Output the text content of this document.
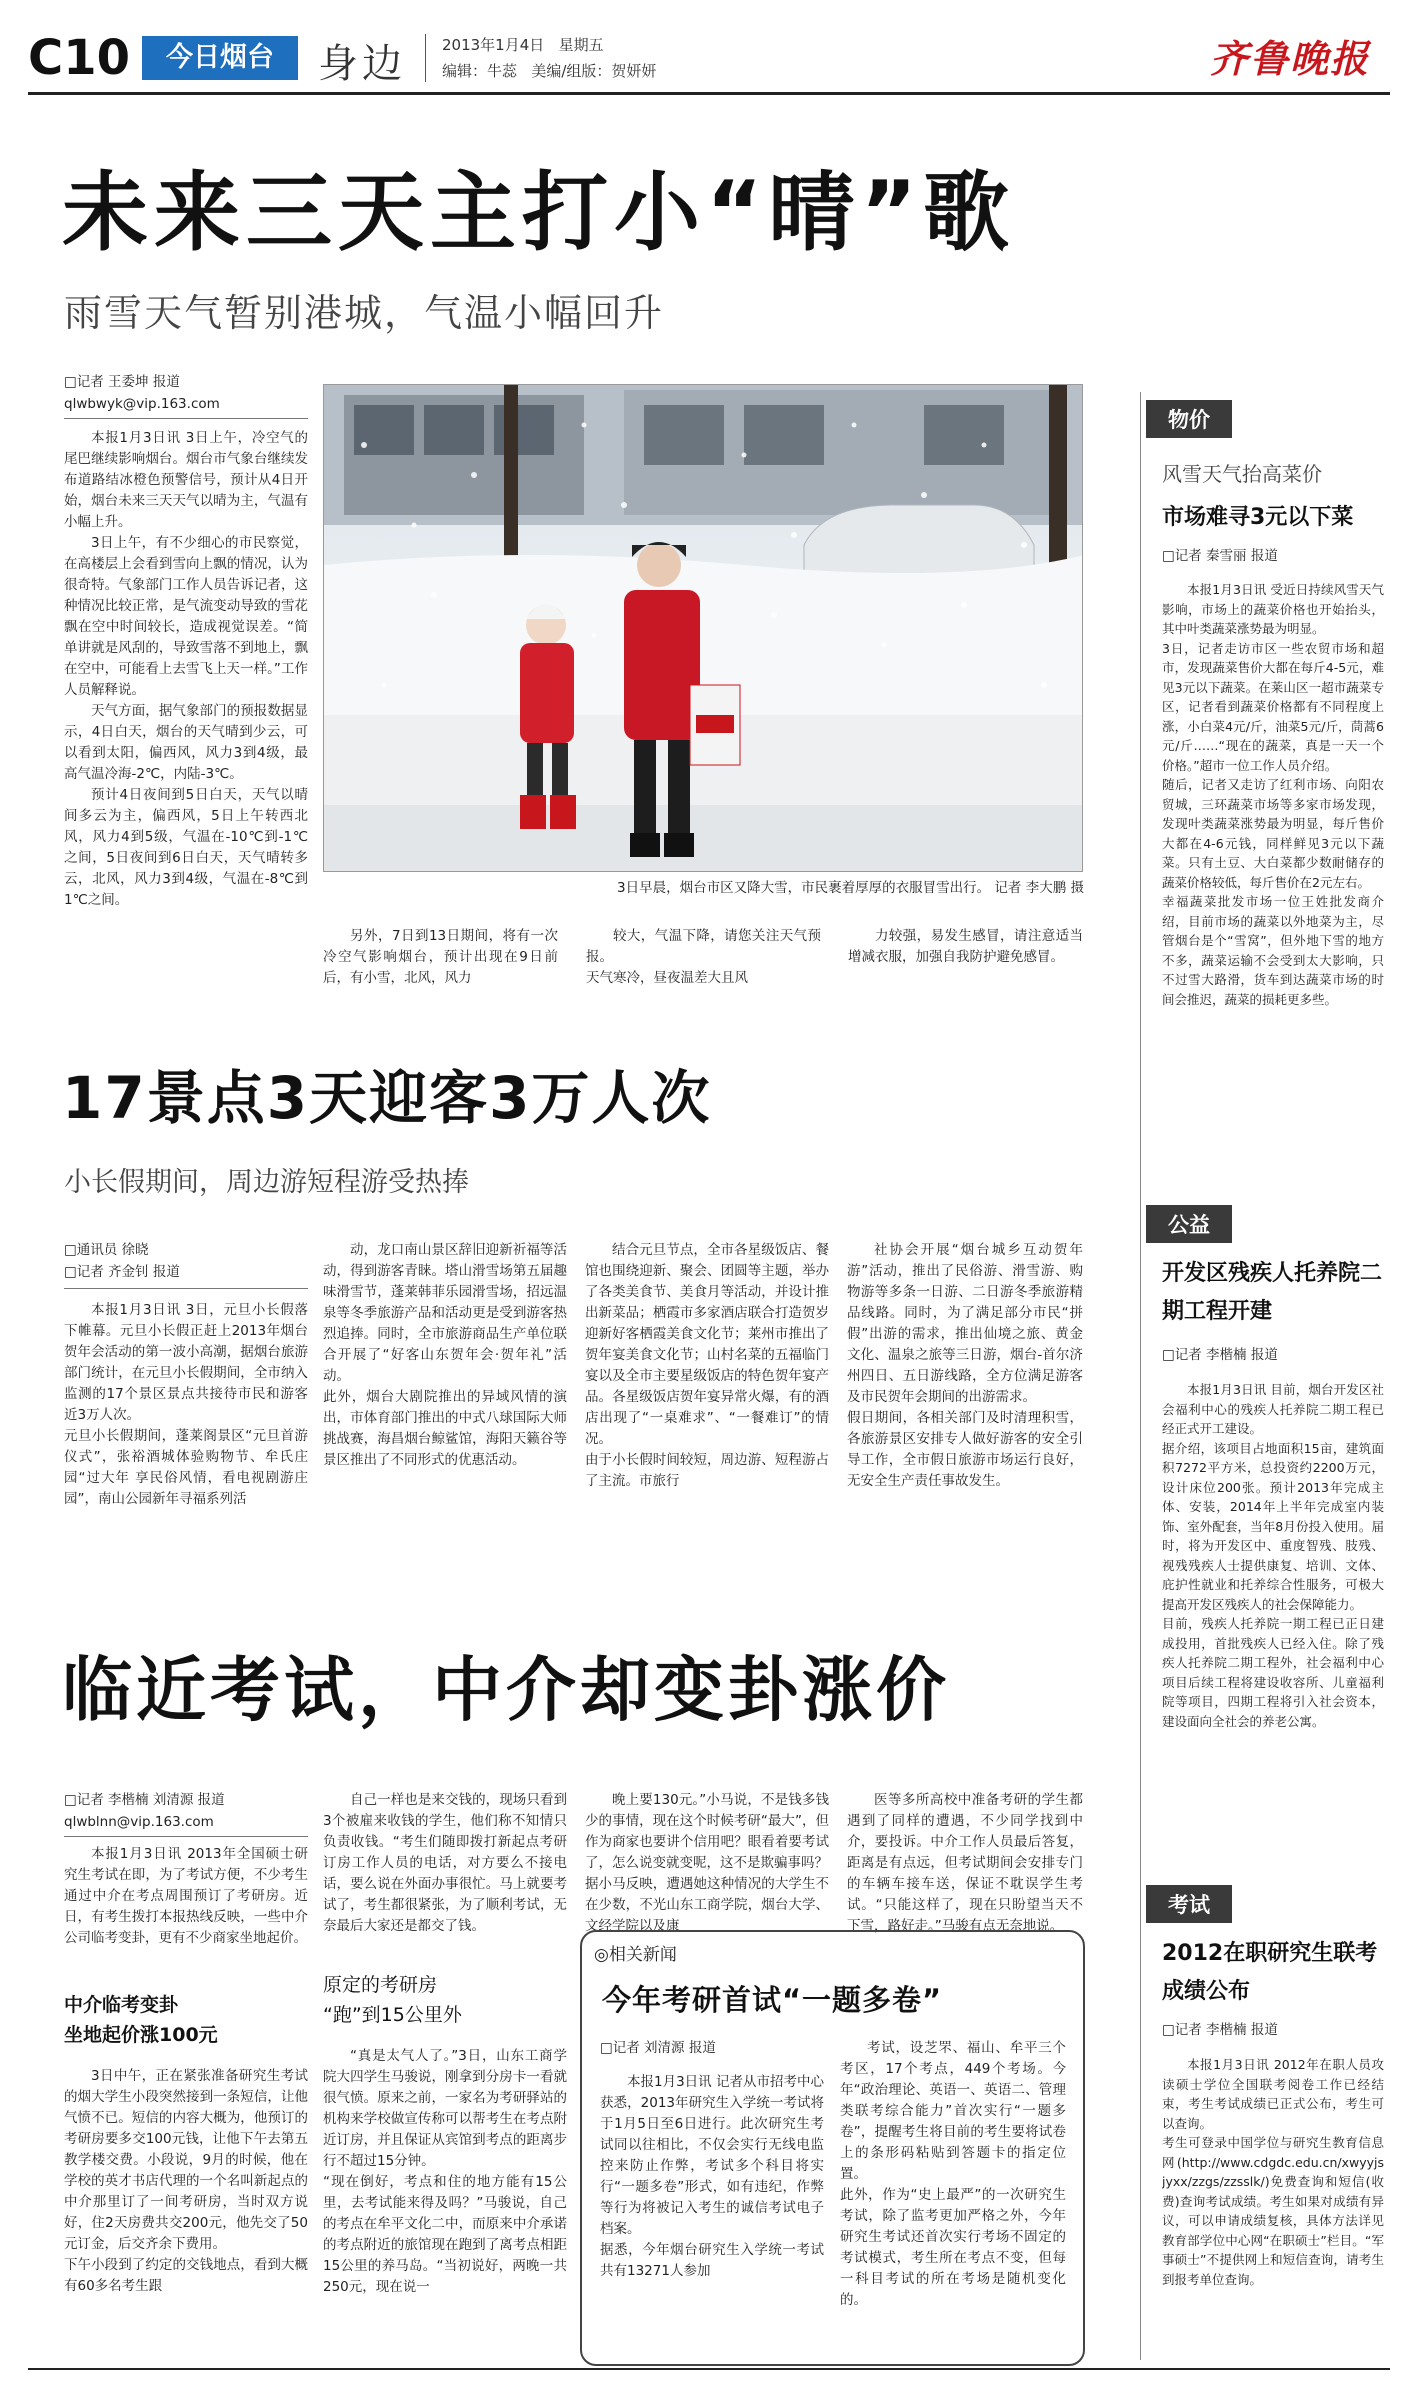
C10	今日烟台	身边 2013年1月4日 星期五
编辑：牛蕊 美编/组版：贺妍妍	齐鲁晚报
未来三天主打小“晴”歌
雨雪天气暂别港城，气温小幅回升
□记者 王委坤 报道
qlwbwyk@vip.163.com

本报1月3日讯 3日上午，冷空气的尾巴继续影响烟台。烟台市气象台继续发布道路结冰橙色预警信号，预计从4日开始，烟台未来三天天气以晴为主，气温有小幅上升。

3日上午，有不少细心的市民察觉，在高楼层上会看到雪向上飘的情况，认为很奇特。气象部门工作人员告诉记者，这种情况比较正常，是气流变动导致的雪花飘在空中时间较长，造成视觉误差。“简单讲就是风刮的，导致雪落不到地上，飘在空中，可能看上去雪飞上天一样。”工作人员解释说。

天气方面，据气象部门的预报数据显示，4日白天，烟台的天气晴到少云，可以看到太阳，偏西风，风力3到4级，最高气温冷海-2℃，内陆-3℃。

预计4日夜间到5日白天，天气以晴间多云为主，偏西风，5日上午转西北风，风力4到5级，气温在-10℃到-1℃之间，5日夜间到6日白天，天气晴转多云，北风，风力3到4级，气温在-8℃到1℃之间。

3日早晨，烟台市区又降大雪，市民裹着厚厚的衣服冒雪出行。 记者 李大鹏 摄
另外，7日到13日期间，将有一次冷空气影响烟台，预计出现在9日前后，有小雪，北风，风力
较大，气温下降，请您关注天气预报。
天气寒冷，昼夜温差大且风
力较强，易发生感冒，请注意适当增减衣服，加强自我防护避免感冒。
17景点3天迎客3万人次
小长假期间，周边游短程游受热捧
□通讯员 徐晓
□记者 齐金钊 报道
本报1月3日讯 3日，元旦小长假落下帷幕。元旦小长假正赶上2013年烟台贺年会活动的第一波小高潮，据烟台旅游部门统计，在元旦小长假期间，全市纳入监测的17个景区景点共接待市民和游客近3万人次。
元旦小长假期间，蓬莱阁景区“元旦首游仪式”，张裕酒城体验购物节、牟氏庄园“过大年 享民俗风情，看电视剧游庄园”，南山公园新年寻福系列活
动，龙口南山景区辞旧迎新祈福等活动，得到游客青睐。塔山滑雪场第五届趣味滑雪节，蓬莱韩菲乐园滑雪场，招远温泉等冬季旅游产品和活动更是受到游客热烈追捧。同时，全市旅游商品生产单位联合开展了“好客山东贺年会·贺年礼”活动。
此外，烟台大剧院推出的异域风情的演出，市体育部门推出的中式八球国际大师挑战赛，海昌烟台鲸鲨馆，海阳天籁谷等景区推出了不同形式的优惠活动。
结合元旦节点，全市各星级饭店、餐馆也围绕迎新、聚会、团圆等主题，举办了各类美食节、美食月等活动，并设计推出新菜品；栖霞市多家酒店联合打造贺岁迎新好客栖霞美食文化节；莱州市推出了贺年宴美食文化节；山村名菜的五福临门宴以及全市主要星级饭店的特色贺年宴产品。各星级饭店贺年宴异常火爆，有的酒店出现了“一桌难求”、“一餐难订”的情况。
由于小长假时间较短，周边游、短程游占了主流。市旅行
社协会开展“烟台城乡互动贺年游”活动，推出了民俗游、滑雪游、购物游等多条一日游、二日游冬季旅游精品线路。同时，为了满足部分市民“拼假”出游的需求，推出仙境之旅、黄金文化、温泉之旅等三日游，烟台-首尔济州四日、五日游线路，全方位满足游客及市民贺年会期间的出游需求。
假日期间，各相关部门及时清理积雪，各旅游景区安排专人做好游客的安全引导工作，全市假日旅游市场运行良好，无安全生产责任事故发生。
临近考试，中介却变卦涨价
□记者 李楷楠 刘清源 报道
qlwblnn@vip.163.com
本报1月3日讯 2013年全国硕士研究生考试在即，为了考试方便，不少考生通过中介在考点周围预订了考研房。近日，有考生拨打本报热线反映，一些中介公司临考变卦，更有不少商家坐地起价。
中介临考变卦
坐地起价涨100元
3日中午，正在紧张准备研究生考试的烟大学生小段突然接到一条短信，让他气愤不已。短信的内容大概为，他预订的考研房要多交100元钱，让他下午去第五教学楼交费。小段说，9月的时候，他在学校的英才书店代理的一个名叫新起点的中介那里订了一间考研房，当时双方说好，住2天房费共交200元，他先交了50元订金，后交齐余下费用。
下午小段到了约定的交钱地点，看到大概有60多名考生跟
自己一样也是来交钱的，现场只看到3个被雇来收钱的学生，他们称不知情只负责收钱。“考生们随即拨打新起点考研订房工作人员的电话，对方要么不接电话，要么说在外面办事很忙。马上就要考试了，考生都很紧张，为了顺利考试，无奈最后大家还是都交了钱。
原定的考研房
“跑”到15公里外
“真是太气人了。”3日，山东工商学院大四学生马骏说，刚拿到分房卡一看就很气愤。原来之前，一家名为考研驿站的机构来学校做宣传称可以帮考生在考点附近订房，并且保证从宾馆到考点的距离步行不超过15分钟。
“现在倒好，考点和住的地方能有15公里，去考试能来得及吗？”马骏说，自己的考点在牟平文化二中，而原来中介承诺的考点附近的旅馆现在跑到了离考点相距15公里的养马岛。“当初说好，两晚一共250元，现在说一
晚上要130元。”小马说，不是钱多钱少的事情，现在这个时候考研“最大”，但作为商家也要讲个信用吧？眼看着要考试了，怎么说变就变呢，这不是欺骗事吗？
据小马反映，遭遇她这种情况的大学生不在少数，不光山东工商学院，烟台大学、文经学院以及康
医等多所高校中准备考研的学生都遇到了同样的遭遇，不少同学找到中介，要投诉。中介工作人员最后答复，距离是有点远，但考试期间会安排专门的车辆车接车送，保证不耽误学生考试。“只能这样了，现在只盼望当天不下雪，路好走。”马骏有点无奈地说。
◎相关新闻
今年考研首试“一题多卷”
□记者 刘清源 报道
本报1月3日讯 记者从市招考中心获悉，2013年研究生入学统一考试将于1月5日至6日进行。此次研究生考试同以往相比，不仅会实行无线电监控来防止作弊，考试多个科目将实行“一题多卷”形式，如有违纪，作弊等行为将被记入考生的诚信考试电子档案。
据悉，今年烟台研究生入学统一考试共有13271人参加
考试，设芝罘、福山、牟平三个考区，17个考点，449个考场。今年“政治理论、英语一、英语二、管理类联考综合能力”首次实行“一题多卷”，提醒考生将目前的考生要将试卷上的条形码粘贴到答题卡的指定位置。
此外，作为“史上最严”的一次研究生考试，除了监考更加严格之外，今年研究生考试还首次实行考场不固定的考试模式，考生所在考点不变，但每一科目考试的所在考场是随机变化的。
物价
风雪天气抬高菜价
市场难寻3元以下菜
□记者 秦雪丽 报道
本报1月3日讯 受近日持续风雪天气影响，市场上的蔬菜价格也开始抬头，其中叶类蔬菜涨势最为明显。
3日，记者走访市区一些农贸市场和超市，发现蔬菜售价大都在每斤4-5元，难见3元以下蔬菜。在莱山区一超市蔬菜专区，记者看到蔬菜价格都有不同程度上涨，小白菜4元/斤，油菜5元/斤，茼蒿6元/斤……“现在的蔬菜，真是一天一个价格。”超市一位工作人员介绍。
随后，记者又走访了红利市场、向阳农贸城，三环蔬菜市场等多家市场发现，发现叶类蔬菜涨势最为明显，每斤售价大都在4-6元钱，同样鲜见3元以下蔬菜。只有土豆、大白菜都少数耐储存的蔬菜价格较低，每斤售价在2元左右。
幸福蔬菜批发市场一位王姓批发商介绍，目前市场的蔬菜以外地菜为主，尽管烟台是个“雪窝”，但外地下雪的地方不多，蔬菜运输不会受到太大影响，只不过雪大路滑，货车到达蔬菜市场的时间会推迟，蔬菜的损耗更多些。
公益
开发区残疾人托养院二期工程开建
□记者 李楷楠 报道
本报1月3日讯 目前，烟台开发区社会福利中心的残疾人托养院二期工程已经正式开工建设。
据介绍，该项目占地面积15亩，建筑面积7272平方米，总投资约2200万元，设计床位200张。预计2013年完成主体、安装，2014年上半年完成室内装饰、室外配套，当年8月份投入使用。届时，将为开发区中、重度智残、肢残、视残残疾人士提供康复、培训、文体、庇护性就业和托养综合性服务，可极大提高开发区残疾人的社会保障能力。
目前，残疾人托养院一期工程已正日建成投用，首批残疾人已经入住。除了残疾人托养院二期工程外，社会福利中心项目后续工程将建设收容所、儿童福利院等项目，四期工程将引入社会资本，建设面向全社会的养老公寓。
考试
2012在职研究生联考成绩公布
□记者 李楷楠 报道
本报1月3日讯 2012年在职人员攻读硕士学位全国联考阅卷工作已经结束，考生考试成绩已正式公布，考生可以查询。
考生可登录中国学位与研究生教育信息网(http://www.cdgdc.edu.cn/xwyyjsjyxx/zzgs/zzsslk/)免费查询和短信(收费)查询考试成绩。考生如果对成绩有异议，可以申请成绩复核，具体方法详见教育部学位中心网“在职硕士”栏目。“军事硕士”不提供网上和短信查询，请考生到报考单位查询。
